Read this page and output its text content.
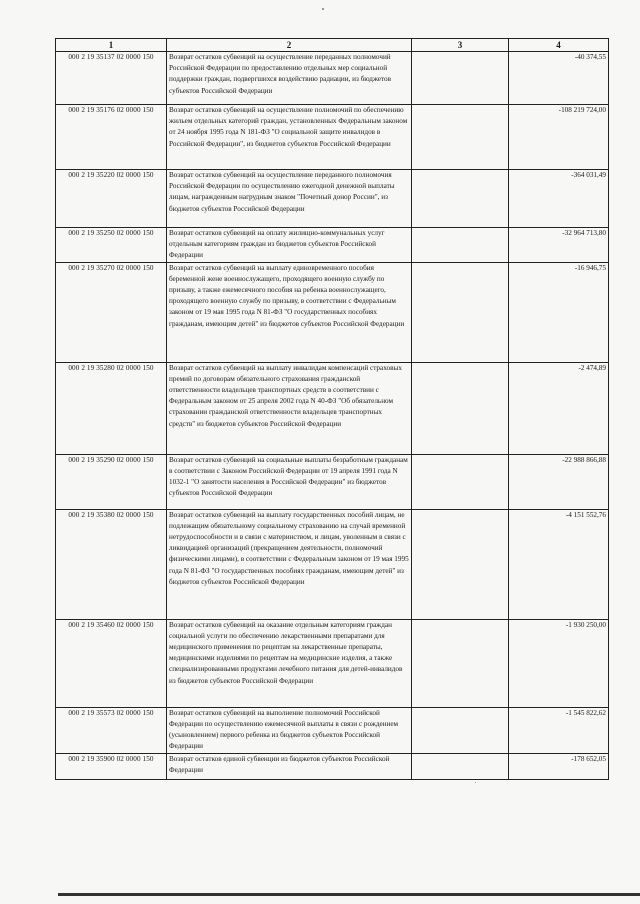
1	2	3	4
000 2 19 35137 02 0000 150	Возврат остатков субвенций на осуществление переданных полномочий Российской Федерации по предоставлению отдельных мер социальной поддержки граждан, подвергшихся воздействию радиации, из бюджетов субъектов Российской Федерации		-40 374,55
000 2 19 35176 02 0000 150	Возврат остатков субвенций на осуществление полномочий по обеспечению жильем отдельных категорий граждан, установленных Федеральным законом от 24 ноября 1995 года N 181-ФЗ "О социальной защите инвалидов в Российской Федерации", из бюджетов субъектов Российской Федерации		-108 219 724,00
000 2 19 35220 02 0000 150	Возврат остатков субвенций на осуществление переданного полномочия Российской Федерации по осуществлению ежегодной денежной выплаты лицам, награжденным нагрудным знаком "Почетный донор России", из бюджетов субъектов Российской Федерации		-364 031,49
000 2 19 35250 02 0000 150	Возврат остатков субвенций на оплату жилищно-коммунальных услуг отдельным категориям граждан из бюджетов субъектов Российской Федерации		-32 964 713,80
000 2 19 35270 02 0000 150	Возврат остатков субвенций на выплату единовременного пособия беременной жене военнослужащего, проходящего военную службу по призыву, а также ежемесячного пособия на ребенка военнослужащего, проходящего военную службу по призыву, в соответствии с Федеральным законом от 19 мая 1995 года N 81-ФЗ "О государственных пособиях гражданам, имеющим детей" из бюджетов субъектов Российской Федерации		-16 946,75
000 2 19 35280 02 0000 150	Возврат остатков субвенций на выплату инвалидам компенсаций страховых премий по договорам обязательного страхования гражданской ответственности владельцев транспортных средств в соответствии с Федеральным законом от 25 апреля 2002 года N 40-ФЗ "Об обязательном страховании гражданской ответственности владельцев транспортных средств" из бюджетов субъектов Российской Федерации		-2 474,89
000 2 19 35290 02 0000 150	Возврат остатков субвенций на социальные выплаты безработным гражданам в соответствии с Законом Российской Федерации от 19 апреля 1991 года N 1032-1 "О занятости населения в Российской Федерации" из бюджетов субъектов Российской Федерации		-22 988 866,88
000 2 19 35380 02 0000 150	Возврат остатков субвенций на выплату государственных пособий лицам, не подлежащим обязательному социальному страхованию на случай временной нетрудоспособности и в связи с материнством, и лицам, уволенным в связи с ликвидацией организаций (прекращением деятельности, полномочий физическими лицами), в соответствии с Федеральным законом от 19 мая 1995 года N 81-ФЗ "О государственных пособиях гражданам, имеющим детей" из бюджетов субъектов Российской Федерации		-4 151 552,76
000 2 19 35460 02 0000 150	Возврат остатков субвенций на оказание отдельным категориям граждан социальной услуги по обеспечению лекарственными препаратами для медицинского применения по рецептам на лекарственные препараты, медицинскими изделиями по рецептам на медицинские изделия, а также специализированными продуктами лечебного питания для детей-инвалидов из бюджетов субъектов Российской Федерации		-1 930 250,00
000 2 19 35573 02 0000 150	Возврат остатков субвенций на выполнение полномочий Российской Федерации по осуществлению ежемесячной выплаты в связи с рождением (усыновлением) первого ребенка из бюджетов субъектов Российской Федерации		-1 545 822,62
000 2 19 35900 02 0000 150	Возврат остатков единой субвенции из бюджетов субъектов Российской Федерации		-178 652,05
